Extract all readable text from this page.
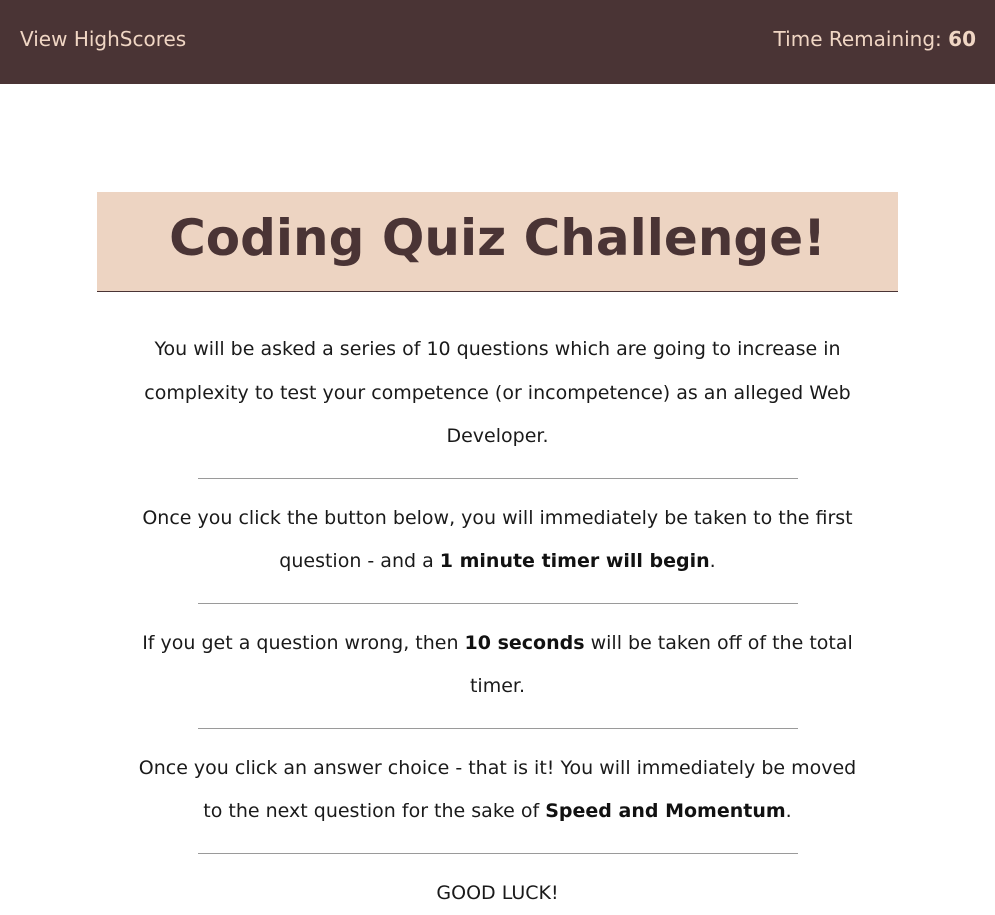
View HighScores	Time Remaining: 60
Coding Quiz Challenge!

You will be asked a series of 10 questions which are going to increase in complexity to test your competence (or incompetence) as an alleged Web Developer.

Once you click the button below, you will immediately be taken to the first question - and a 1 minute timer will begin.

If you get a question wrong, then 10 seconds will be taken off of the total timer.

Once you click an answer choice - that is it! You will immediately be moved to the next question for the sake of Speed and Momentum.

GOOD LUCK!
